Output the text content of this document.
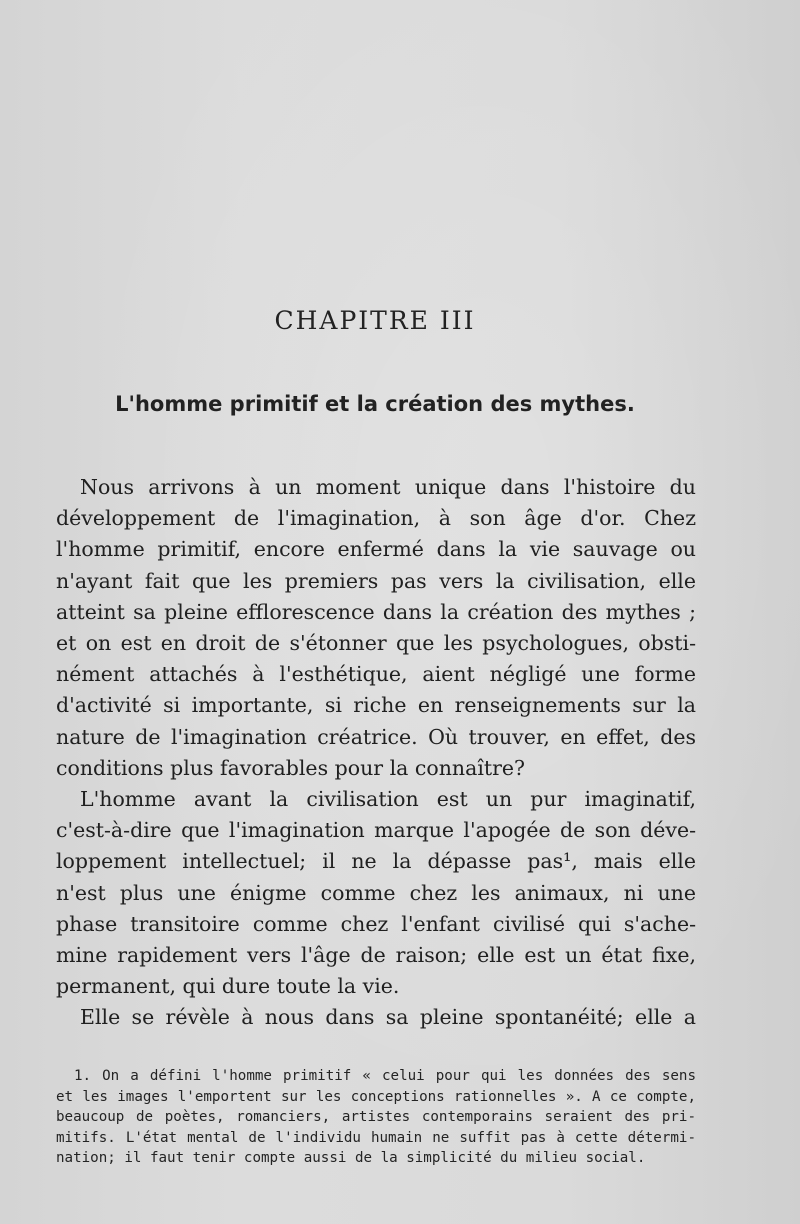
CHAPITRE III
L'homme primitif et la création des mythes.
Nous arrivons à un moment unique dans l'histoire du
développement de l'imagination, à son âge d'or. Chez
l'homme primitif, encore enfermé dans la vie sauvage ou
n'ayant fait que les premiers pas vers la civilisation, elle
atteint sa pleine efflorescence dans la création des mythes ;
et on est en droit de s'étonner que les psychologues, obsti-
nément attachés à l'esthétique, aient négligé une forme
d'activité si importante, si riche en renseignements sur la
nature de l'imagination créatrice. Où trouver, en effet, des
conditions plus favorables pour la connaître?
L'homme avant la civilisation est un pur imaginatif,
c'est-à-dire que l'imagination marque l'apogée de son déve-
loppement intellectuel; il ne la dépasse pas¹, mais elle
n'est plus une énigme comme chez les animaux, ni une
phase transitoire comme chez l'enfant civilisé qui s'ache-
mine rapidement vers l'âge de raison; elle est un état fixe,
permanent, qui dure toute la vie.
Elle se révèle à nous dans sa pleine spontanéité; elle a
1. On a défini l'homme primitif « celui pour qui les données des sens
et les images l'emportent sur les conceptions rationnelles ». A ce compte,
beaucoup de poètes, romanciers, artistes contemporains seraient des pri-
mitifs. L'état mental de l'individu humain ne suffit pas à cette détermi-
nation; il faut tenir compte aussi de la simplicité du milieu social.
